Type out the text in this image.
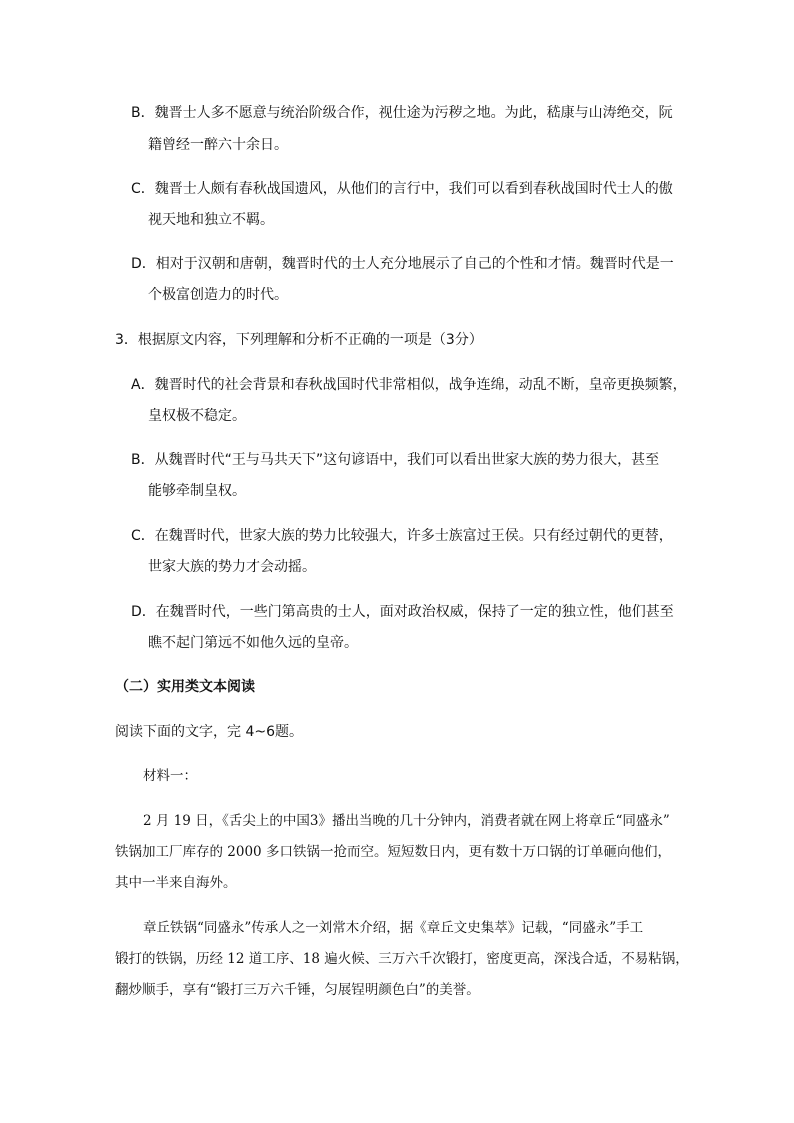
B．魏晋士人多不愿意与统治阶级合作，视仕途为污秽之地。为此，嵇康与山涛绝交，阮
籍曾经一醉六十余日。
C．魏晋士人颇有春秋战国遗风，从他们的言行中，我们可以看到春秋战国时代士人的傲
视天地和独立不羁。
D．相对于汉朝和唐朝，魏晋时代的士人充分地展示了自己的个性和才情。魏晋时代是一
个极富创造力的时代。
3．根据原文内容，下列理解和分析不正确的一项是（3分）
A．魏晋时代的社会背景和春秋战国时代非常相似，战争连绵，动乱不断，皇帝更换频繁，
皇权极不稳定。
B．从魏晋时代“王与马共天下”这句谚语中，我们可以看出世家大族的势力很大，甚至
能够牵制皇权。
C．在魏晋时代，世家大族的势力比较强大，许多士族富过王侯。只有经过朝代的更替，
世家大族的势力才会动摇。
D．在魏晋时代，一些门第高贵的士人，面对政治权威，保持了一定的独立性，他们甚至
瞧不起门第远不如他久远的皇帝。
（二）实用类文本阅读
阅读下面的文字，完 4~6题。
材料一：
2 月 19 日，《舌尖上的中国3》播出当晚的几十分钟内，消费者就在网上将章丘“同盛永”
铁锅加工厂库存的 2000 多口铁锅一抢而空。短短数日内，更有数十万口锅的订单砸向他们，
其中一半来自海外。
章丘铁锅“同盛永”传承人之一刘常木介绍，据《章丘文史集萃》记载，“同盛永”手工
锻打的铁锅，历经 12 道工序、18 遍火候、三万六千次锻打，密度更高，深浅合适，不易粘锅，
翻炒顺手，享有“锻打三万六千锤，匀展锃明颜色白”的美誉。
